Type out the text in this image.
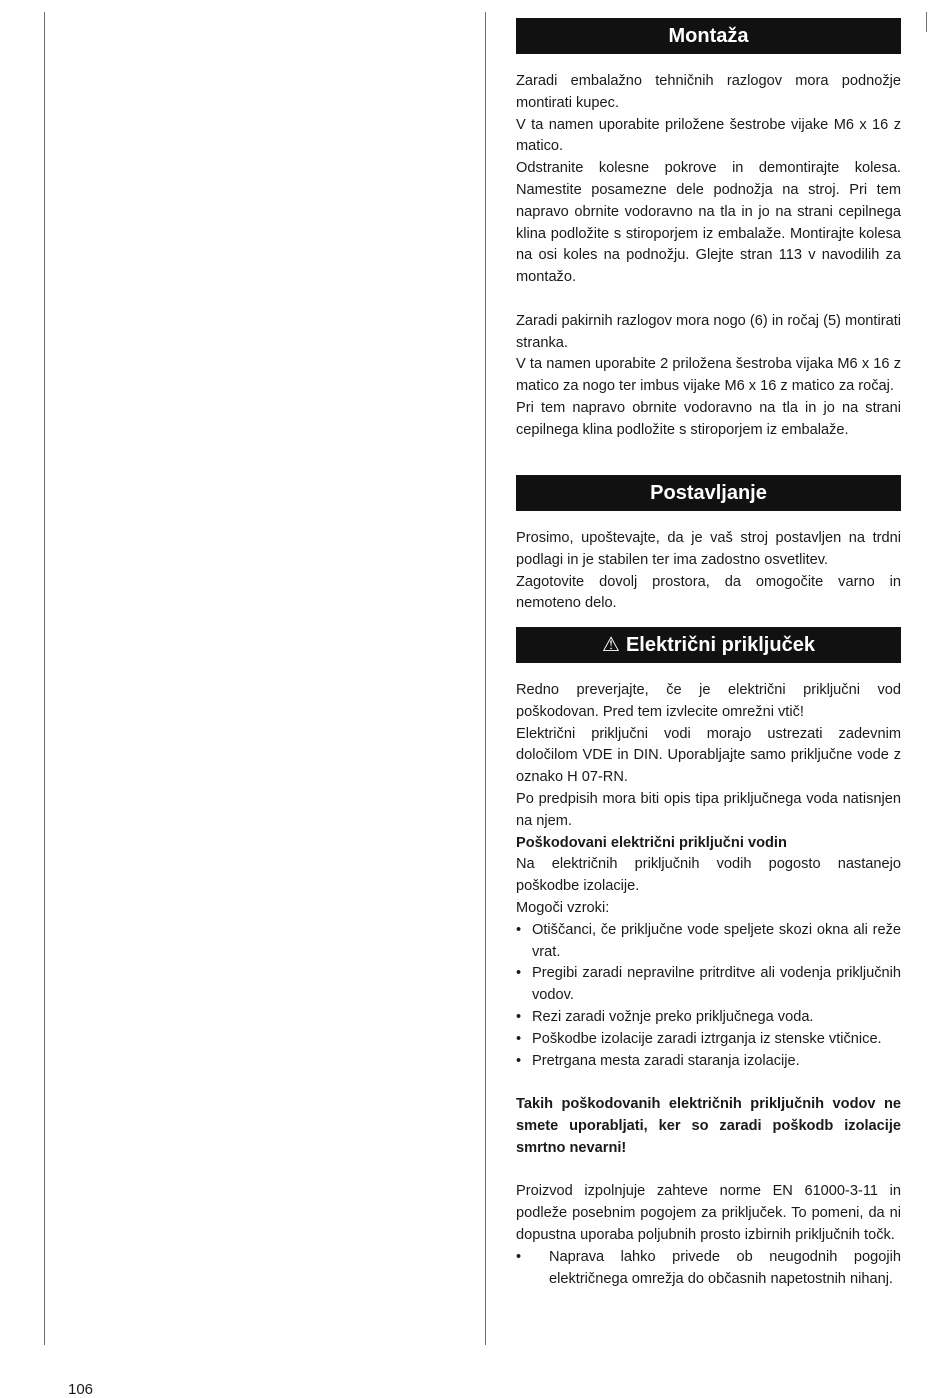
Montaža

Zaradi embalažno tehničnih razlogov mora podnožje montirati kupec.

V ta namen uporabite priložene šestrobe vijake M6 x 16 z matico.

Odstranite kolesne pokrove in demontirajte kolesa. Namestite posamezne dele podnožja na stroj. Pri tem napravo obrnite vodoravno na tla in jo na strani cepilnega klina podložite s stiroporjem iz embalaže. Montirajte kolesa na osi koles na podnožju. Glejte stran 113 v navodilih za montažo.

Zaradi pakirnih razlogov mora nogo (6) in ročaj (5) montirati stranka.

V ta namen uporabite 2 priložena šestroba vijaka M6 x 16 z matico za nogo ter imbus vijake M6 x 16 z matico za ročaj.

Pri tem napravo obrnite vodoravno na tla in jo na strani cepilnega klina podložite s stiroporjem iz embalaže.

Postavljanje

Prosimo, upoštevajte, da je vaš stroj postavljen na trdni podlagi in je stabilen ter ima zadostno osvetlitev.

Zagotovite dovolj prostora, da omogočite varno in nemoteno delo.

⚠ Električni priključek

Redno preverjajte, če je električni priključni vod poškodovan. Pred tem izvlecite omrežni vtič!

Električni priključni vodi morajo ustrezati zadevnim določilom VDE in DIN. Uporabljajte samo priključne vode z oznako H 07-RN.

Po predpisih mora biti opis tipa priključnega voda natisnjen na njem.

Poškodovani električni priključni vodin

Na električnih priključnih vodih pogosto nastanejo poškodbe izolacije.

Mogoči vzroki:

• Otiščanci, če priključne vode speljete skozi okna ali reže vrat.
• Pregibi zaradi nepravilne pritrditve ali vodenja priključnih vodov.
• Rezi zaradi vožnje preko priključnega voda.
• Poškodbe izolacije zaradi iztrganja iz stenske vtičnice.
• Pretrgana mesta zaradi staranja izolacije.

Takih poškodovanih električnih priključnih vodov ne smete uporabljati, ker so zaradi poškodb izolacije smrtno nevarni!

Proizvod izpolnjuje zahteve norme EN 61000-3-11 in podleže posebnim pogojem za priključek. To pomeni, da ni dopustna uporaba poljubnih prosto izbirnih priključnih točk.

• Naprava lahko privede ob neugodnih pogojih električnega omrežja do občasnih napetostnih nihanj.
106
